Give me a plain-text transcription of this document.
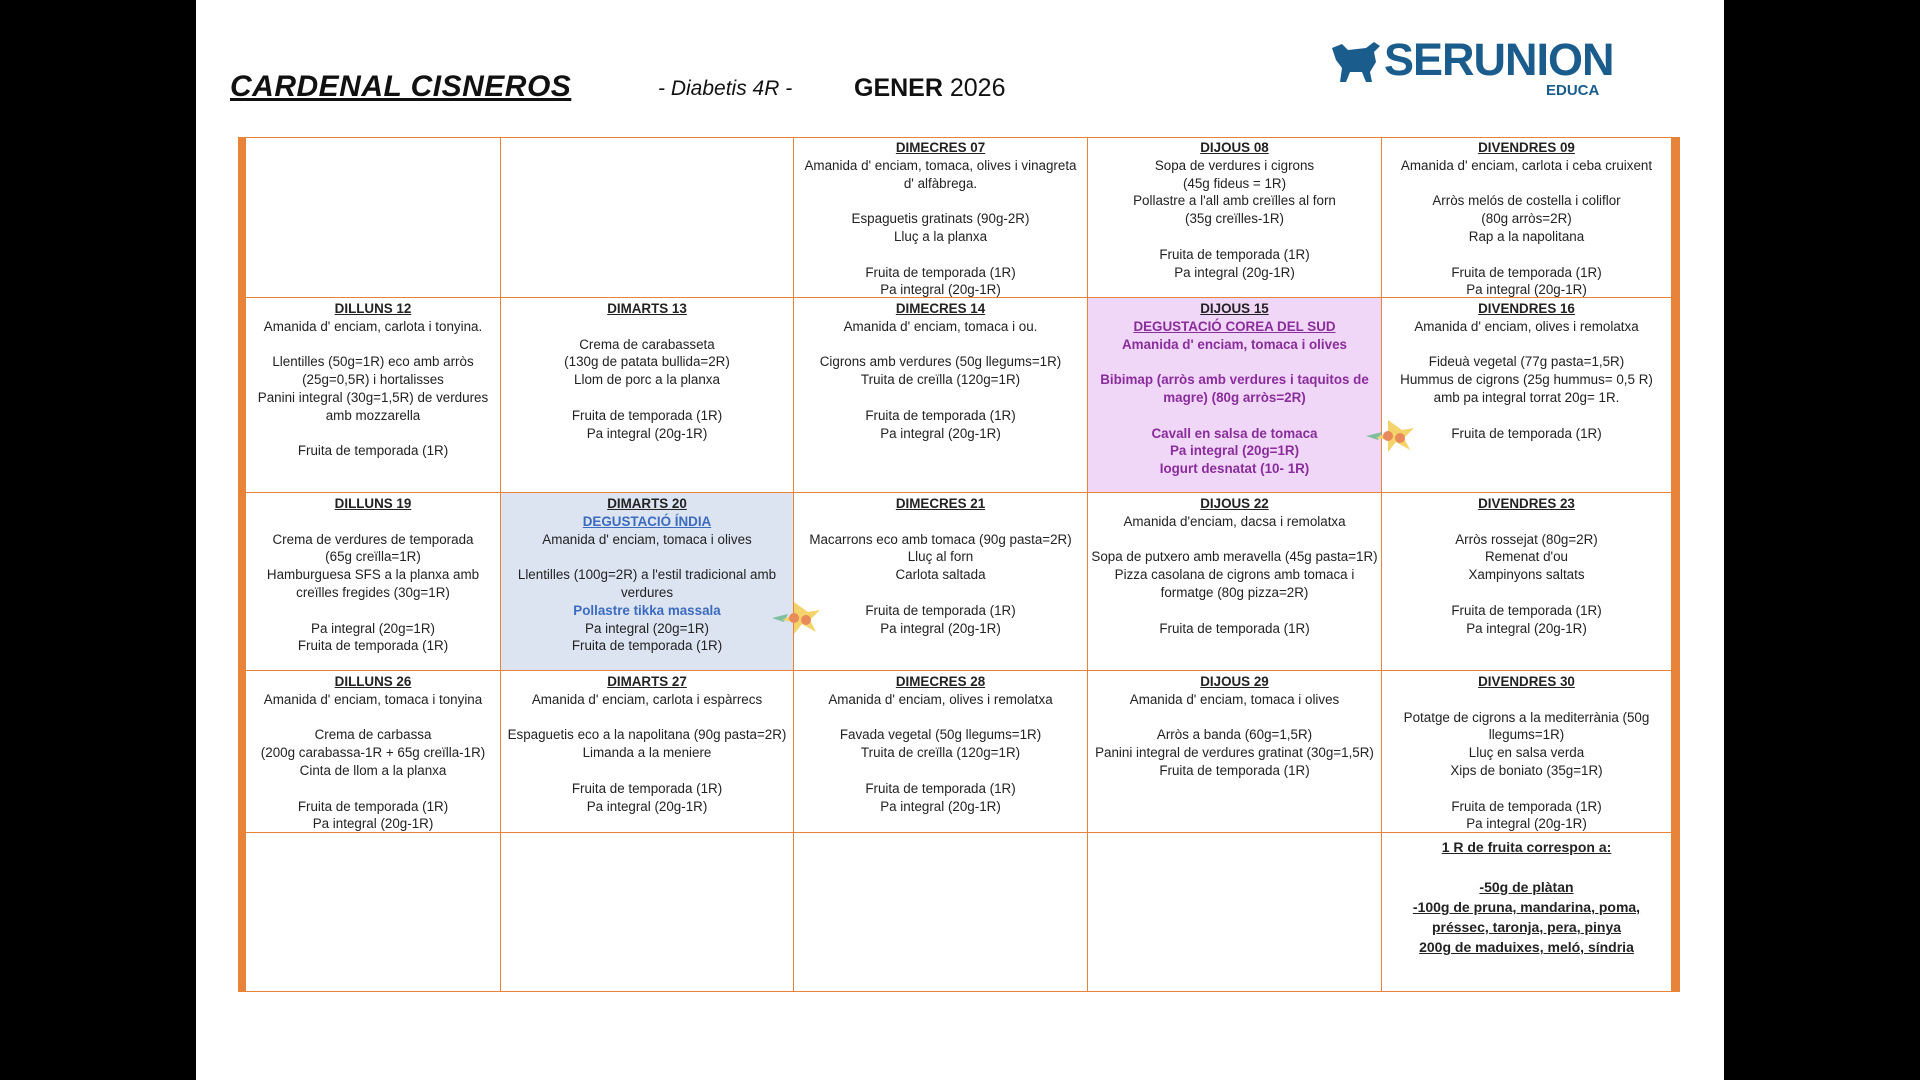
CARDENAL CISNEROS	- Diabetis 4R - GENER 2026
SERUNION
EDUCA
DIMECRES 07
Amanida d' enciam, tomaca, olives i vinagreta
d' alfàbrega.
Espaguetis gratinats (90g-2R)
Lluç a la planxa
Fruita de temporada (1R)
Pa integral (20g-1R)
DIJOUS 08
Sopa de verdures i cigrons
(45g fideus = 1R)
Pollastre a l'all amb creïlles al forn
(35g creïlles-1R)
Fruita de temporada (1R)
Pa integral (20g-1R)
DIVENDRES 09
Amanida d' enciam, carlota i ceba cruixent
Arròs melós de costella i coliflor
(80g arròs=2R)
Rap a la napolitana
Fruita de temporada (1R)
Pa integral (20g-1R)
DILLUNS 12
Amanida d' enciam, carlota i tonyina.
Llentilles (50g=1R) eco amb arròs
(25g=0,5R) i hortalisses
Panini integral (30g=1,5R) de verdures
amb mozzarella
Fruita de temporada (1R)
DIMARTS 13
Crema de carabasseta
(130g de patata bullida=2R)
Llom de porc a la planxa
Fruita de temporada (1R)
Pa integral (20g-1R)
DIMECRES 14
Amanida d' enciam, tomaca i ou.
Cigrons amb verdures (50g llegums=1R)
Truita de creïlla (120g=1R)
Fruita de temporada (1R)
Pa integral (20g-1R)
DIJOUS 15
DEGUSTACIÓ COREA DEL SUD
Amanida d' enciam, tomaca i olives
Bibimap (arròs amb verdures i taquitos de
magre) (80g arròs=2R)
Cavall en salsa de tomaca
Pa integral (20g=1R)
Iogurt desnatat (10- 1R)
DIVENDRES 16
Amanida d' enciam, olives i remolatxa
Fideuà vegetal (77g pasta=1,5R)
Hummus de cigrons (25g hummus= 0,5 R)
amb pa integral torrat 20g= 1R.
Fruita de temporada (1R)
DILLUNS 19
Crema de verdures de temporada
(65g creïlla=1R)
Hamburguesa SFS a la planxa amb
creïlles fregides (30g=1R)
Pa integral (20g=1R)
Fruita de temporada (1R)
DIMARTS 20
DEGUSTACIÓ ÍNDIA
Amanida d' enciam, tomaca i olives
Llentilles (100g=2R) a l'estil tradicional amb
verdures
Pollastre tikka massala
Pa integral (20g=1R)
Fruita de temporada (1R)
DIMECRES 21
Macarrons eco amb tomaca (90g pasta=2R)
Lluç al forn
Carlota saltada
Fruita de temporada (1R)
Pa integral (20g-1R)
DIJOUS 22
Amanida d'enciam, dacsa i remolatxa
Sopa de putxero amb meravella (45g pasta=1R)
Pizza casolana de cigrons amb tomaca i
formatge (80g pizza=2R)
Fruita de temporada (1R)
DIVENDRES 23
Arròs rossejat (80g=2R)
Remenat d'ou
Xampinyons saltats
Fruita de temporada (1R)
Pa integral (20g-1R)
DILLUNS 26
Amanida d' enciam, tomaca i tonyina
Crema de carbassa
(200g carabassa-1R + 65g creïlla-1R)
Cinta de llom a la planxa
Fruita de temporada (1R)
Pa integral (20g-1R)
DIMARTS 27
Amanida d' enciam, carlota i espàrrecs
Espaguetis eco a la napolitana (90g pasta=2R)
Limanda a la meniere
Fruita de temporada (1R)
Pa integral (20g-1R)
DIMECRES 28
Amanida d' enciam, olives i remolatxa
Favada vegetal (50g llegums=1R)
Truita de creïlla (120g=1R)
Fruita de temporada (1R)
Pa integral (20g-1R)
DIJOUS 29
Amanida d' enciam, tomaca i olives
Arròs a banda (60g=1,5R)
Panini integral de verdures gratinat (30g=1,5R)
Fruita de temporada (1R)
DIVENDRES 30
Potatge de cigrons a la mediterrània (50g
llegums=1R)
Lluç en salsa verda
Xips de boniato (35g=1R)
Fruita de temporada (1R)
Pa integral (20g-1R)
1 R de fruita correspon a:
-50g de plàtan
-100g de pruna, mandarina, poma,
préssec, taronja, pera, pinya
200g de maduixes, meló, síndria
